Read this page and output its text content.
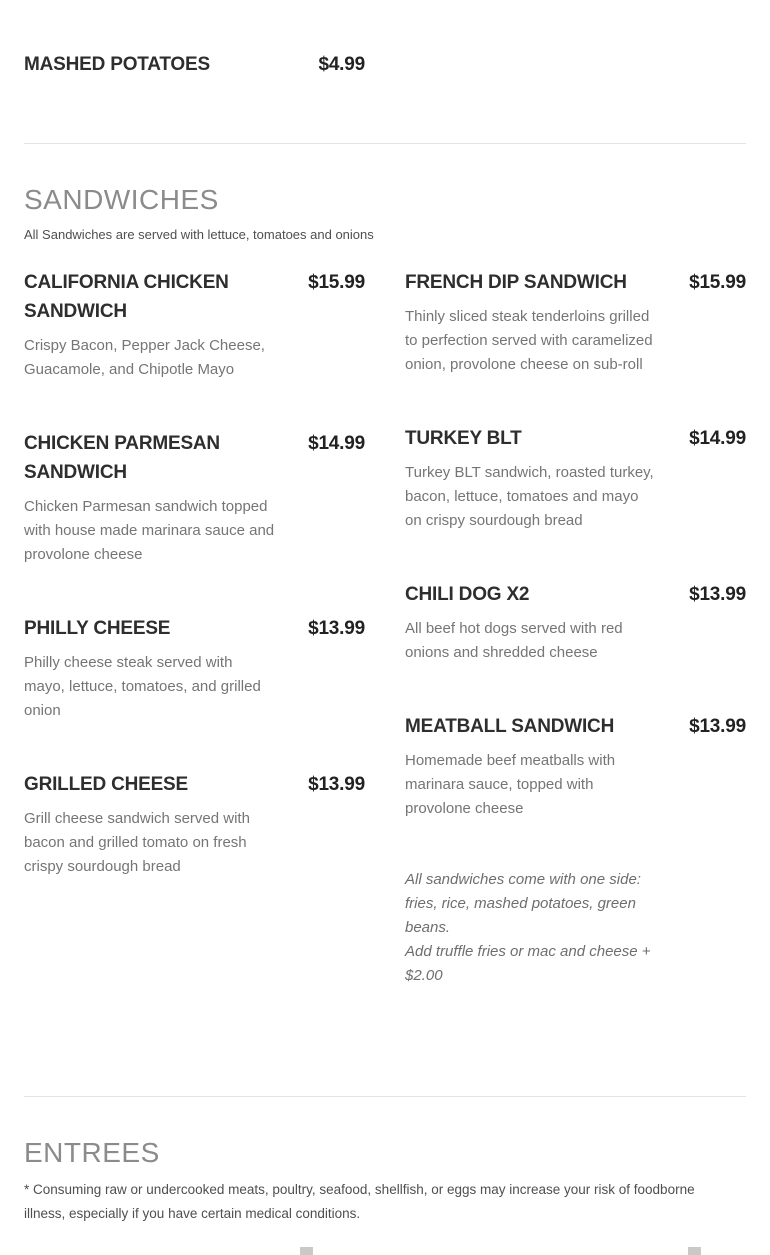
MASHED POTATOES	$4.99
SANDWICHES

All Sandwiches are served with lettuce, tomatoes and onions

CALIFORNIA CHICKEN SANDWICH
$15.99

Crispy Bacon, Pepper Jack Cheese, Guacamole, and Chipotle Mayo

CHICKEN PARMESAN SANDWICH
$14.99

Chicken Parmesan sandwich topped with house made marinara sauce and provolone cheese

PHILLY CHEESE	$13.99

Philly cheese steak served with mayo, lettuce, tomatoes, and grilled onion

GRILLED CHEESE	$13.99

Grill cheese sandwich served with bacon and grilled tomato on fresh crispy sourdough bread

FRENCH DIP SANDWICH	$15.99

Thinly sliced steak tenderloins grilled to perfection served with caramelized onion, provolone cheese on sub-roll

TURKEY BLT	$14.99

Turkey BLT sandwich, roasted turkey, bacon, lettuce, tomatoes and mayo on crispy sourdough bread

CHILI DOG X2	$13.99

All beef hot dogs served with red onions and shredded cheese

MEATBALL SANDWICH	$13.99

Homemade beef meatballs with marinara sauce, topped with provolone cheese

All sandwiches come with one side: fries, rice, mashed potatoes, green beans.

Add truffle fries or mac and cheese + $2.00

ENTREES

* Consuming raw or undercooked meats, poultry, seafood, shellfish, or eggs may increase your risk of foodborne illness, especially if you have certain medical conditions.
